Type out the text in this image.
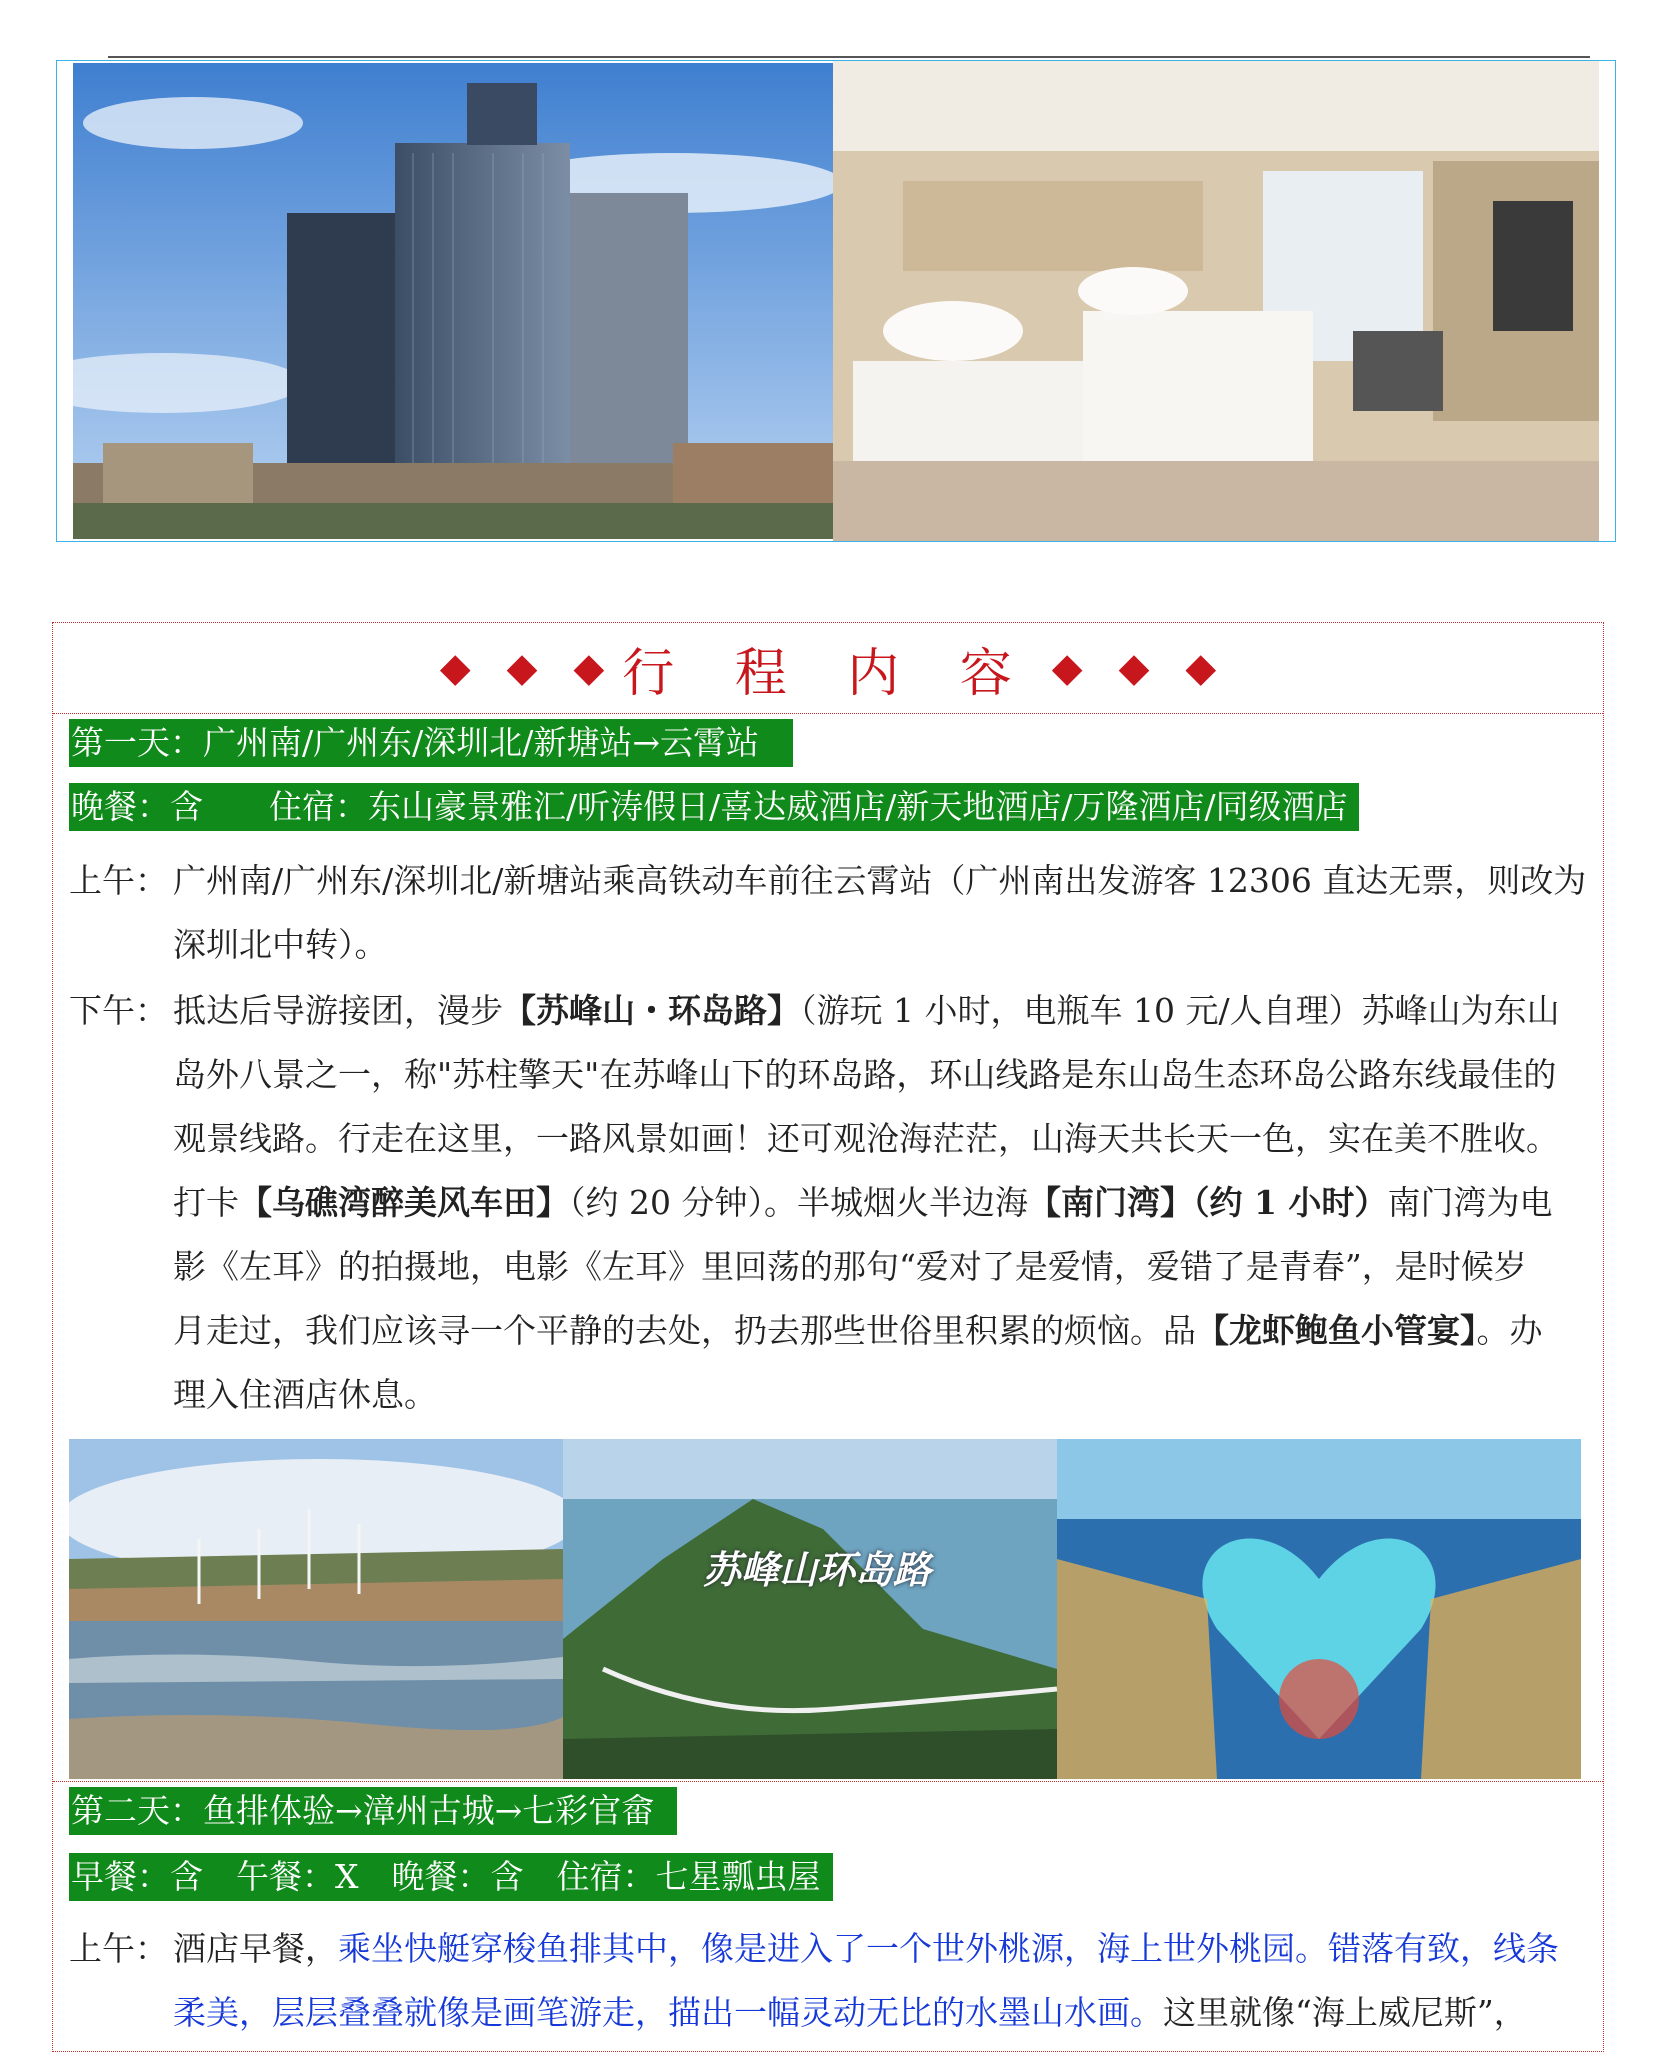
◆ ◆ ◆ 行 程 内 容 ◆ ◆ ◆
第一天：广州南/广州东/深圳北/新塘站→云霄站
晚餐：含　　住宿：东山豪景雅汇/听涛假日/喜达威酒店/新天地酒店/万隆酒店/同级酒店
上午： 广州南/广州东/深圳北/新塘站乘高铁动车前往云霄站（广州南出发游客 12306 直达无票，则改为
深圳北中转）。
下午： 抵达后导游接团，漫步【苏峰山・环岛路】（游玩 1 小时，电瓶车 10 元/人自理）苏峰山为东山
岛外八景之一，称"苏柱擎天"在苏峰山下的环岛路，环山线路是东山岛生态环岛公路东线最佳的
观景线路。行走在这里，一路风景如画！还可观沧海茫茫，山海天共长天一色，实在美不胜收。
打卡【乌礁湾醉美风车田】（约 20 分钟）。半城烟火半边海【南门湾】（约 1 小时）南门湾为电
影《左耳》的拍摄地，电影《左耳》里回荡的那句“爱对了是爱情，爱错了是青春”，是时候岁
月走过，我们应该寻一个平静的去处，扔去那些世俗里积累的烦恼。品【龙虾鲍鱼小管宴】。办
理入住酒店休息。
苏峰山环岛路
第二天：鱼排体验→漳州古城→七彩官畲
早餐：含　午餐：X　晚餐：含　住宿：七星瓢虫屋
上午： 酒店早餐，乘坐快艇穿梭鱼排其中，像是进入了一个世外桃源，海上世外桃园。错落有致，线条
柔美，层层叠叠就像是画笔游走，描出一幅灵动无比的水墨山水画。这里就像“海上威尼斯”，
